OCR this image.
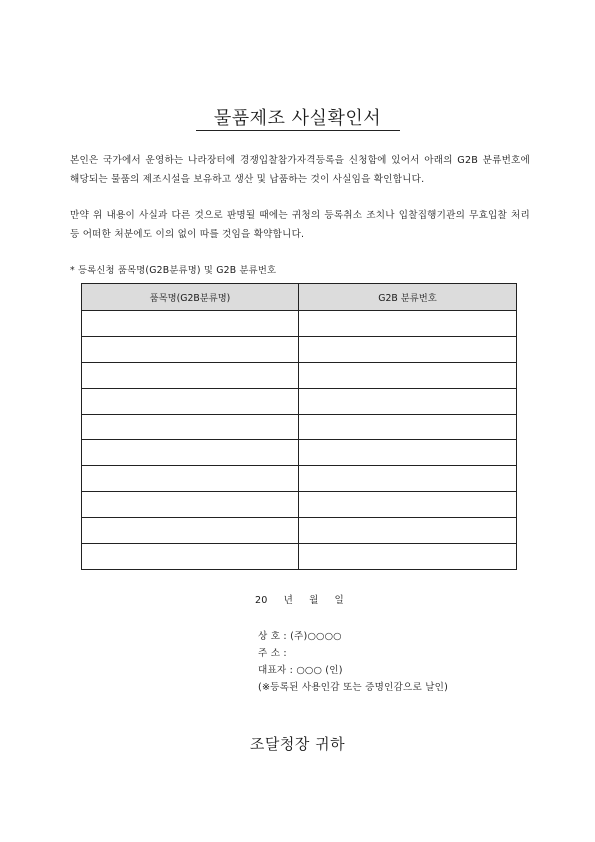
물품제조 사실확인서
본인은 국가에서 운영하는 나라장터에 경쟁입찰참가자격등록을 신청함에 있어서 아래의 G2B 분류번호에 해당되는 물품의 제조시설을 보유하고 생산 및 납품하는 것이 사실임을 확인합니다.
만약 위 내용이 사실과 다른 것으로 판명될 때에는 귀청의 등록취소 조치나 입찰집행기관의 무효입찰 처리 등 어떠한 처분에도 이의 없이 따를 것임을 확약합니다.
* 등록신청 품목명(G2B분류명) 및 G2B 분류번호
품목명(G2B분류명)	G2B 분류번호

20 년 월 일
상 호 : (주)○○○○
주 소 :
대표자 : ○○○ (인)
(※등록된 사용인감 또는 증명인감으로 날인)
조달청장 귀하
